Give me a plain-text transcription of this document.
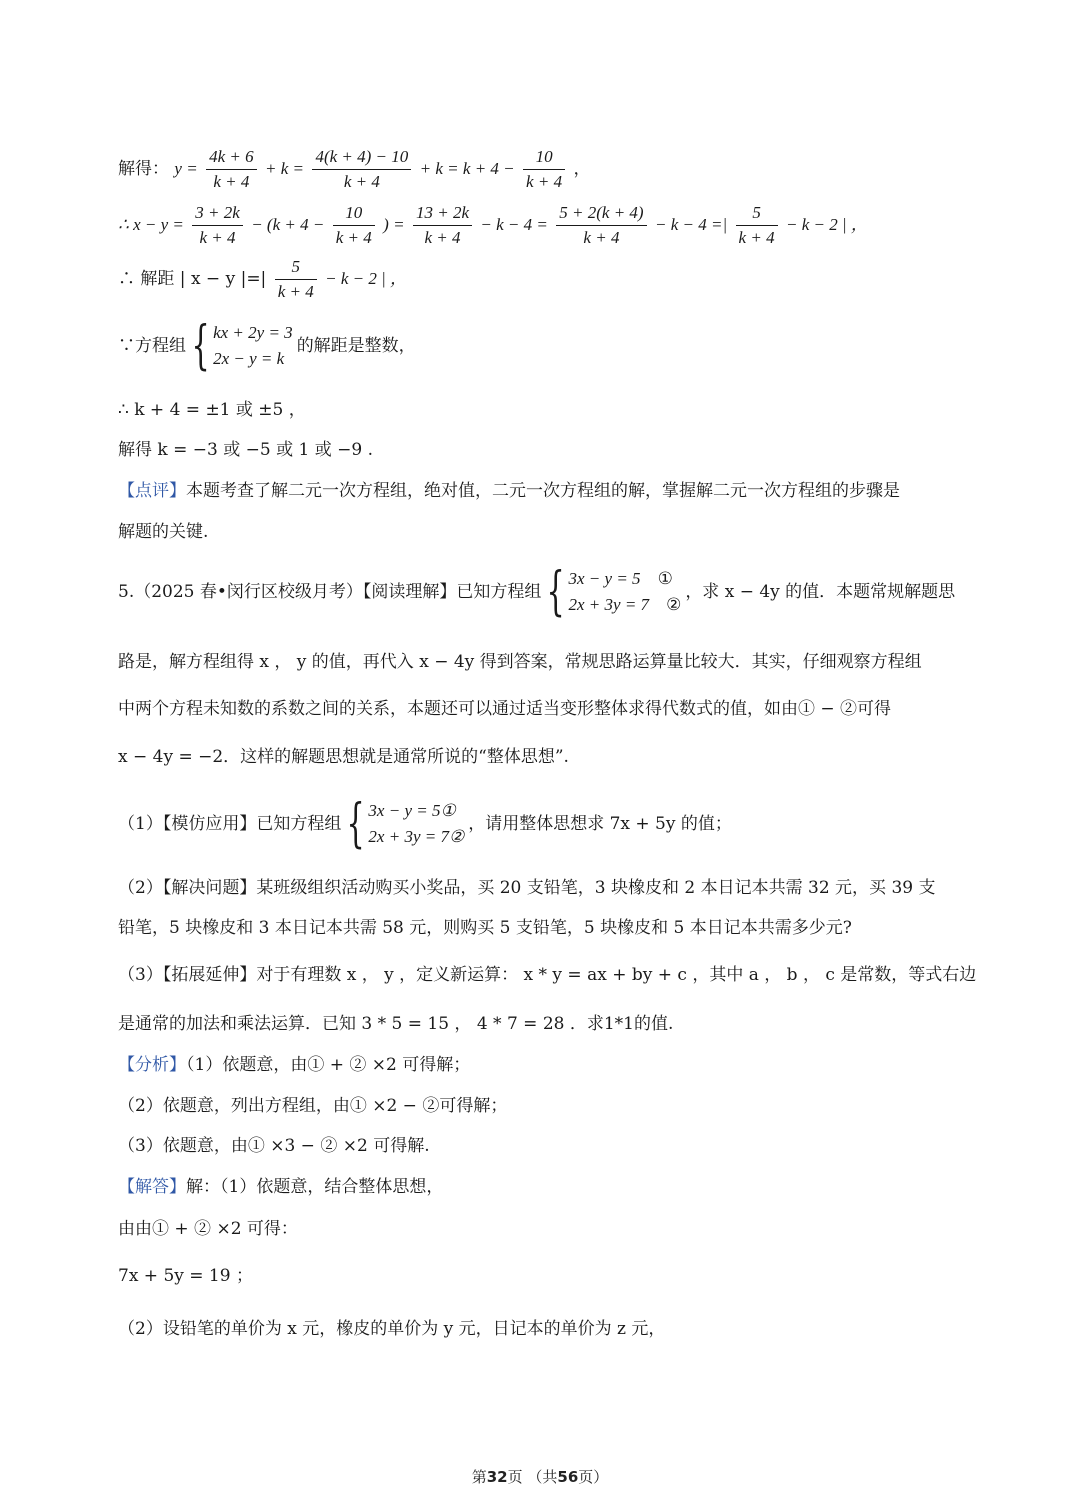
解得： $y = \frac{4k + 6}{k + 4} + k = \frac{4(k + 4) - 10}{k + 4} + k = k + 4 - \frac{10}{k + 4}$ ，
∴ $x - y = \frac{3 + 2k}{k + 4} - (k + 4 - \frac{10}{k + 4}$ ) = $\frac{13 + 2k}{k + 4} - k - 4 = \frac{5 + 2(k + 4)}{k + 4} - k - 4$ =| $\frac{5}{k + 4} - k - 2$ | ，
∴ 解距 | x − y |=| $\frac{5}{k + 4} - k - 2$ | ，
∵方程组 { kx + 2y = 3
2x − y = k
的解距是整数，
∴ k + 4 = ±1 或 ±5 ，
解得 k = −3 或 −5 或 1 或 −9 .
【点评】本题考查了解二元一次方程组，绝对值，二元一次方程组的解，掌握解二元一次方程组的步骤是
解题的关键.
5.（2025 春•闵行区校级月考）【阅读理解】已知方程组 { 3x − y = 5 ①
2x + 3y = 7 ②
，求 x − 4y 的值．本题常规解题思
路是，解方程组得 x ， y 的值，再代入 x − 4y 得到答案，常规思路运算量比较大．其实，仔细观察方程组
中两个方程未知数的系数之间的关系，本题还可以通过适当变形整体求得代数式的值，如由① − ②可得
x − 4y = −2．这样的解题思想就是通常所说的“整体思想”.
（1）【模仿应用】已知方程组 { 3x − y = 5①
2x + 3y = 7②
，请用整体思想求 7x + 5y 的值；
（2）【解决问题】某班级组织活动购买小奖品，买 20 支铅笔，3 块橡皮和 2 本日记本共需 32 元，买 39 支
铅笔，5 块橡皮和 3 本日记本共需 58 元，则购买 5 支铅笔，5 块橡皮和 5 本日记本共需多少元?
（3）【拓展延伸】对于有理数 x ， y ，定义新运算： x * y = ax + by + c ，其中 a ， b ， c 是常数，等式右边
是通常的加法和乘法运算．已知 3 * 5 = 15 ， 4 * 7 = 28 ．求1*1的值.
【分析】（1）依题意，由① + ② ×2 可得解；
（2）依题意，列出方程组，由① ×2 − ②可得解；
（3）依题意，由① ×3 − ② ×2 可得解.
【解答】解：（1）依题意，结合整体思想，
由由① + ② ×2 可得：
7x + 5y = 19 ；
（2）设铅笔的单价为 x 元，橡皮的单价为 y 元，日记本的单价为 z 元，
第32页 （共56页）
